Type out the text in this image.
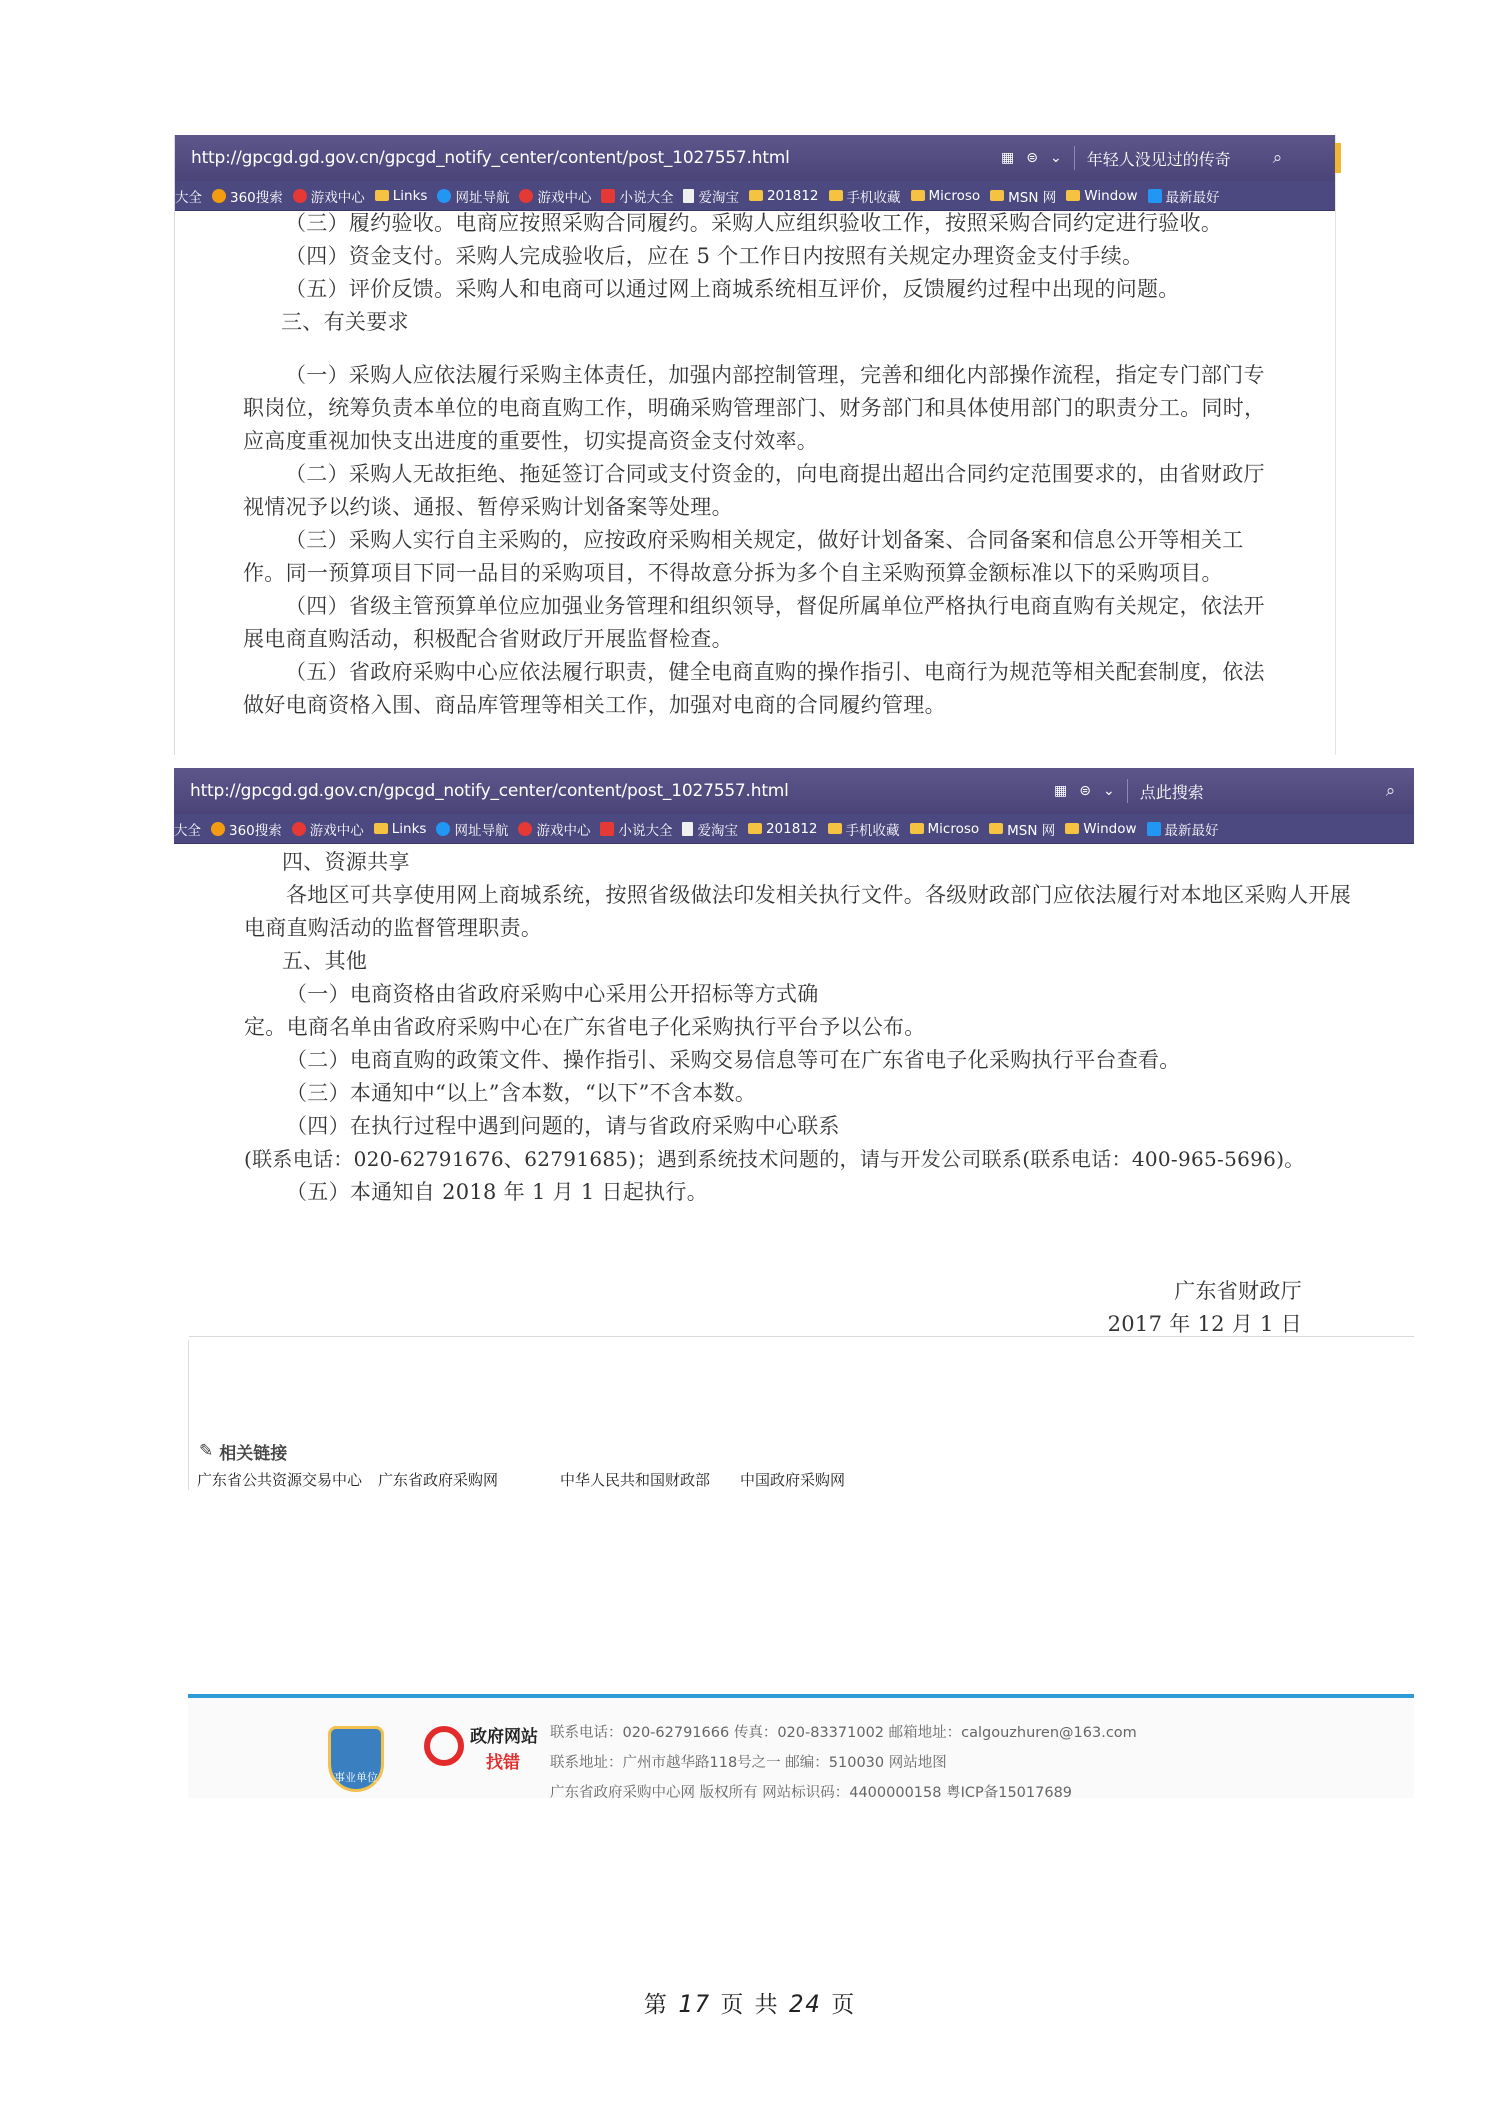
http://gpcgd.gd.gov.cn/gpcgd_notify_center/content/post_1027557.html	▦ ⊜ ⌄ 年轻人没见过的传奇 ⌕
大全 360搜索 游戏中心 Links 网址导航 游戏中心 小说大全 爱淘宝 201812 手机收藏 Microso MSN 网 Window 最新最好

（三）履约验收。电商应按照采购合同履约。采购人应组织验收工作，按照采购合同约定进行验收。

（四）资金支付。采购人完成验收后，应在 5 个工作日内按照有关规定办理资金支付手续。

（五）评价反馈。采购人和电商可以通过网上商城系统相互评价，反馈履约过程中出现的问题。

三、有关要求

（一）采购人应依法履行采购主体责任，加强内部控制管理，完善和细化内部操作流程，指定专门部门专职岗位，统筹负责本单位的电商直购工作，明确采购管理部门、财务部门和具体使用部门的职责分工。同时，应高度重视加快支出进度的重要性，切实提高资金支付效率。

（二）采购人无故拒绝、拖延签订合同或支付资金的，向电商提出超出合同约定范围要求的，由省财政厅视情况予以约谈、通报、暂停采购计划备案等处理。

（三）采购人实行自主采购的，应按政府采购相关规定，做好计划备案、合同备案和信息公开等相关工作。同一预算项目下同一品目的采购项目，不得故意分拆为多个自主采购预算金额标准以下的采购项目。

（四）省级主管预算单位应加强业务管理和组织领导，督促所属单位严格执行电商直购有关规定，依法开展电商直购活动，积极配合省财政厅开展监督检查。

（五）省政府采购中心应依法履行职责，健全电商直购的操作指引、电商行为规范等相关配套制度，依法做好电商资格入围、商品库管理等相关工作，加强对电商的合同履约管理。

http://gpcgd.gd.gov.cn/gpcgd_notify_center/content/post_1027557.html	▦ ⊜ ⌄ 点此搜索	⌕
大全 360搜索 游戏中心 Links 网址导航 游戏中心 小说大全 爱淘宝 201812 手机收藏 Microso MSN 网 Window 最新最好

四、资源共享

各地区可共享使用网上商城系统，按照省级做法印发相关执行文件。各级财政部门应依法履行对本地区采购人开展电商直购活动的监督管理职责。

五、其他

（一）电商资格由省政府采购中心采用公开招标等方式确

定。电商名单由省政府采购中心在广东省电子化采购执行平台予以公布。

（二）电商直购的政策文件、操作指引、采购交易信息等可在广东省电子化采购执行平台查看。

（三）本通知中“以上”含本数，“以下”不含本数。

（四）在执行过程中遇到问题的，请与省政府采购中心联系

(联系电话：020-62791676、62791685)；遇到系统技术问题的，请与开发公司联系(联系电话：400-965-5696)。

（五）本通知自 2018 年 1 月 1 日起执行。

广东省财政厅

2017 年 12 月 1 日

✎ 相关链接
广东省公共资源交易中心 广东省政府采购网	中华人民共和国财政部 中国政府采购网
事业单位
政府网站
找错
联系电话：020-62791666 传真：020-83371002 邮箱地址：calgouzhuren@163.com
联系地址：广州市越华路118号之一 邮编：510030 网站地图
广东省政府采购中心网 版权所有 网站标识码：4400000158 粤ICP备15017689
第 17 页 共 24 页
